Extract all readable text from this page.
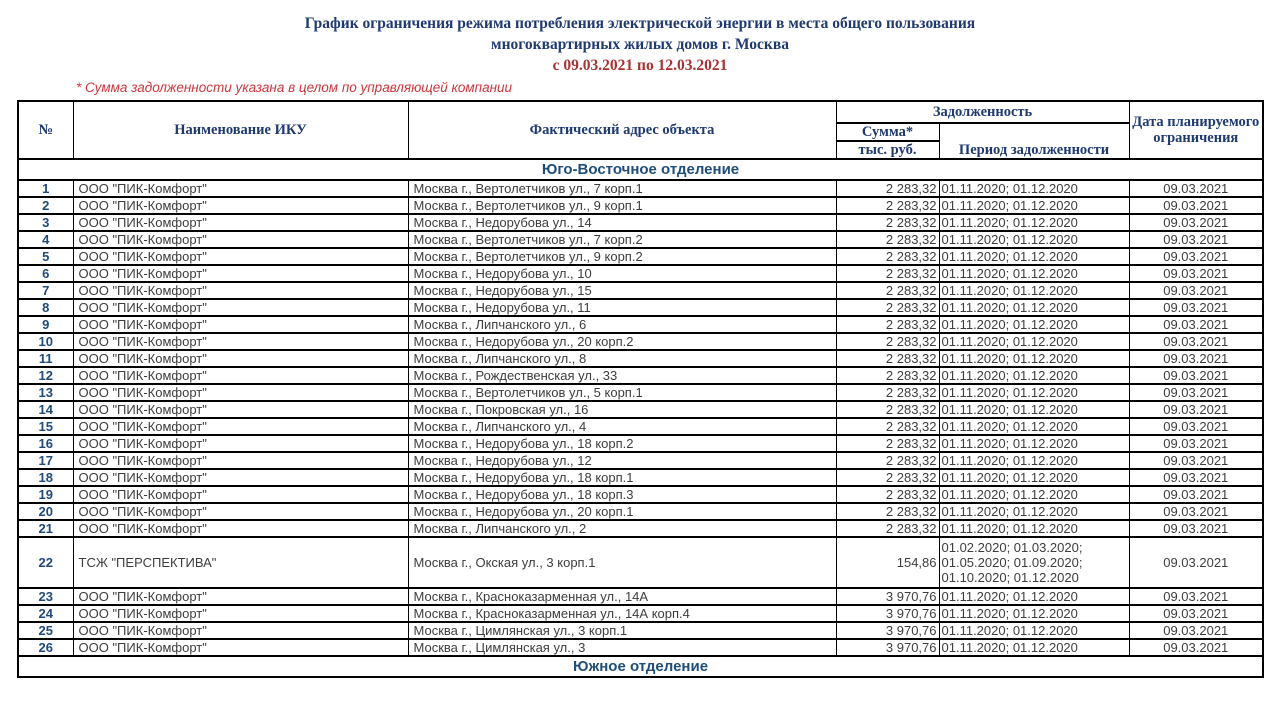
График ограничения режима потребления электрической энергии в места общего пользования
многоквартирных жилых домов г. Москва
с 09.03.2021 по 12.03.2021
* Сумма задолженности указана в целом по управляющей компании
№	Наименование ИКУ	Фактический адрес объекта	Задолженность		Дата планируемого ограничения
			Сумма*	Период задолженности	
			тыс. руб.		
Юго-Восточное отделение					
1	ООО "ПИК-Комфорт"	Москва г., Вертолетчиков ул., 7 корп.1	2 283,32	01.11.2020; 01.12.2020	09.03.2021
2	ООО "ПИК-Комфорт"	Москва г., Вертолетчиков ул., 9 корп.1	2 283,32	01.11.2020; 01.12.2020	09.03.2021
3	ООО "ПИК-Комфорт"	Москва г., Недорубова ул., 14	2 283,32	01.11.2020; 01.12.2020	09.03.2021
4	ООО "ПИК-Комфорт"	Москва г., Вертолетчиков ул., 7 корп.2	2 283,32	01.11.2020; 01.12.2020	09.03.2021
5	ООО "ПИК-Комфорт"	Москва г., Вертолетчиков ул., 9 корп.2	2 283,32	01.11.2020; 01.12.2020	09.03.2021
6	ООО "ПИК-Комфорт"	Москва г., Недорубова ул., 10	2 283,32	01.11.2020; 01.12.2020	09.03.2021
7	ООО "ПИК-Комфорт"	Москва г., Недорубова ул., 15	2 283,32	01.11.2020; 01.12.2020	09.03.2021
8	ООО "ПИК-Комфорт"	Москва г., Недорубова ул., 11	2 283,32	01.11.2020; 01.12.2020	09.03.2021
9	ООО "ПИК-Комфорт"	Москва г., Липчанского ул., 6	2 283,32	01.11.2020; 01.12.2020	09.03.2021
10	ООО "ПИК-Комфорт"	Москва г., Недорубова ул., 20 корп.2	2 283,32	01.11.2020; 01.12.2020	09.03.2021
11	ООО "ПИК-Комфорт"	Москва г., Липчанского ул., 8	2 283,32	01.11.2020; 01.12.2020	09.03.2021
12	ООО "ПИК-Комфорт"	Москва г., Рождественская ул., 33	2 283,32	01.11.2020; 01.12.2020	09.03.2021
13	ООО "ПИК-Комфорт"	Москва г., Вертолетчиков ул., 5 корп.1	2 283,32	01.11.2020; 01.12.2020	09.03.2021
14	ООО "ПИК-Комфорт"	Москва г., Покровская ул., 16	2 283,32	01.11.2020; 01.12.2020	09.03.2021
15	ООО "ПИК-Комфорт"	Москва г., Липчанского ул., 4	2 283,32	01.11.2020; 01.12.2020	09.03.2021
16	ООО "ПИК-Комфорт"	Москва г., Недорубова ул., 18 корп.2	2 283,32	01.11.2020; 01.12.2020	09.03.2021
17	ООО "ПИК-Комфорт"	Москва г., Недорубова ул., 12	2 283,32	01.11.2020; 01.12.2020	09.03.2021
18	ООО "ПИК-Комфорт"	Москва г., Недорубова ул., 18 корп.1	2 283,32	01.11.2020; 01.12.2020	09.03.2021
19	ООО "ПИК-Комфорт"	Москва г., Недорубова ул., 18 корп.3	2 283,32	01.11.2020; 01.12.2020	09.03.2021
20	ООО "ПИК-Комфорт"	Москва г., Недорубова ул., 20 корп.1	2 283,32	01.11.2020; 01.12.2020	09.03.2021
21	ООО "ПИК-Комфорт"	Москва г., Липчанского ул., 2	2 283,32	01.11.2020; 01.12.2020	09.03.2021
22	ТСЖ "ПЕРСПЕКТИВА"	Москва г., Окская ул., 3 корп.1	154,86	01.02.2020; 01.03.2020; 01.05.2020; 01.09.2020; 01.10.2020; 01.12.2020	09.03.2021
23	ООО "ПИК-Комфорт"	Москва г., Красноказарменная ул., 14А	3 970,76	01.11.2020; 01.12.2020	09.03.2021
24	ООО "ПИК-Комфорт"	Москва г., Красноказарменная ул., 14А корп.4	3 970,76	01.11.2020; 01.12.2020	09.03.2021
25	ООО "ПИК-Комфорт"	Москва г., Цимлянская ул., 3 корп.1	3 970,76	01.11.2020; 01.12.2020	09.03.2021
26	ООО "ПИК-Комфорт"	Москва г., Цимлянская ул., 3	3 970,76	01.11.2020; 01.12.2020	09.03.2021
Южное отделение					
